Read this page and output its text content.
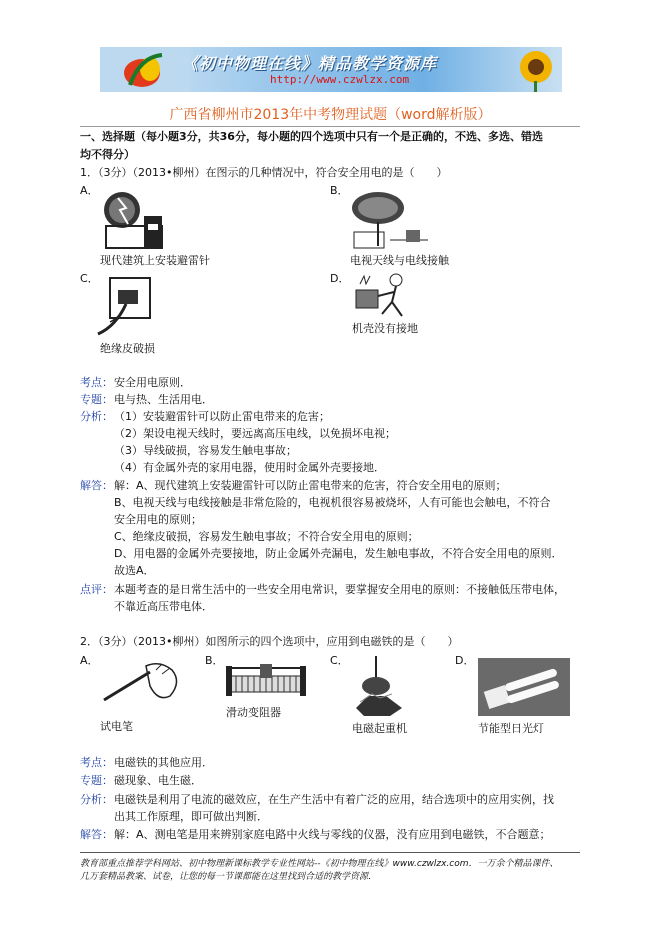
《初中物理在线》精品教学资源库
http://www.czwlzx.com
广西省柳州市2013年中考物理试题（word解析版）
一、选择题（每小题3分，共36分，每小题的四个选项中只有一个是正确的，不选、多选、错选
均不得分）
1．（3分）（2013•柳州）在图示的几种情况中，符合安全用电的是（　　）
A．
现代建筑上安装避雷针
B．
电视天线与电线接触
C．
绝缘皮破损
D．
机壳没有接地
考点： 安全用电原则．
专题： 电与热、生活用电．
分析： （1）安装避雷针可以防止雷电带来的危害；
（2）架设电视天线时，要远离高压电线，以免损坏电视；
（3）导线破损，容易发生触电事故；
（4）有金属外壳的家用电器，使用时金属外壳要接地．
解答： 解：A、现代建筑上安装避雷针可以防止雷电带来的危害，符合安全用电的原则；
B、电视天线与电线接触是非常危险的，电视机很容易被烧坏，人有可能也会触电，不符合
安全用电的原则；
C、绝缘皮破损，容易发生触电事故；不符合安全用电的原则；
D、用电器的金属外壳要接地，防止金属外壳漏电，发生触电事故，不符合安全用电的原则．
故选A．
点评： 本题考查的是日常生活中的一些安全用电常识，要掌握安全用电的原则：不接触低压带电体，
不靠近高压带电体．
2．（3分）（2013•柳州）如图所示的四个选项中，应用到电磁铁的是（　　）
A．
试电笔
B．
滑动变阻器
C．
电磁起重机
D．
节能型日光灯
考点： 电磁铁的其他应用．
专题： 磁现象、电生磁．
分析： 电磁铁是利用了电流的磁效应，在生产生活中有着广泛的应用，结合选项中的应用实例，找
出其工作原理，即可做出判断．
解答： 解：A、测电笔是用来辨别家庭电路中火线与零线的仪器，没有应用到电磁铁，不合题意；
教育部重点推荐学科网站、初中物理新课标教学专业性网站--《初中物理在线》www.czwlzx.com．一万余个精品课件、
几万套精品教案、试卷，让您的每一节课都能在这里找到合适的教学资源．
